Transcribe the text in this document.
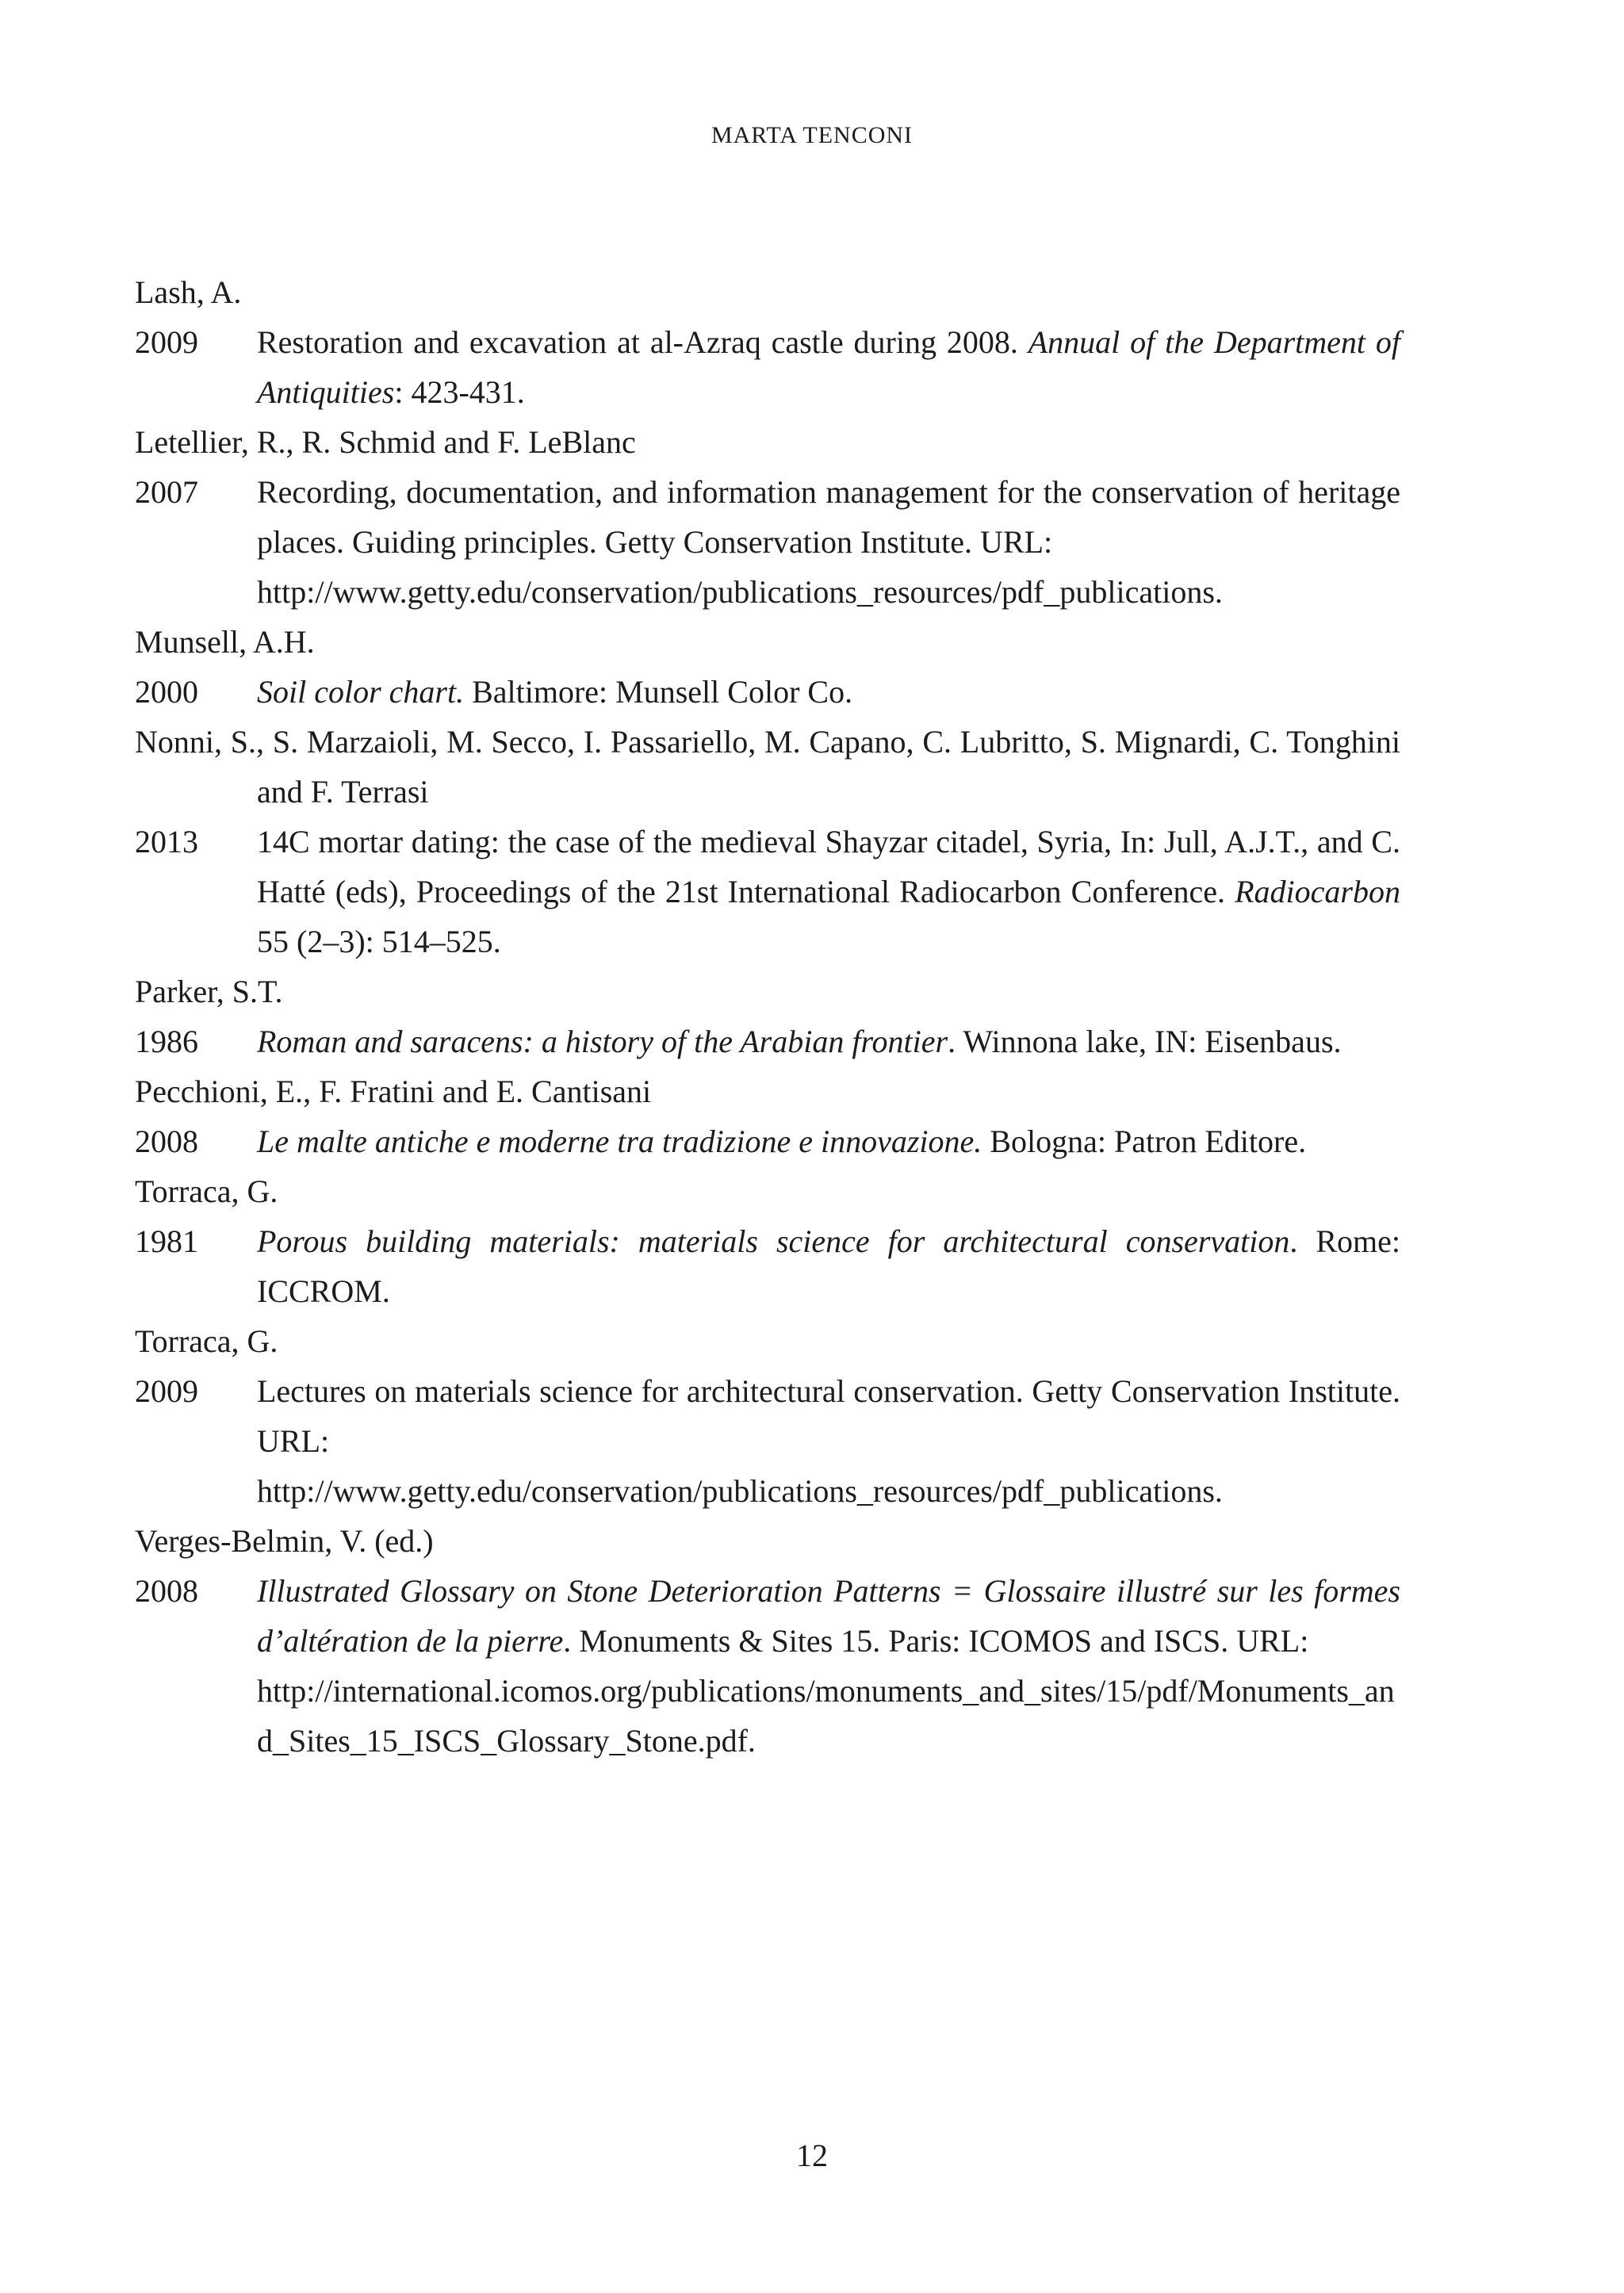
MARTA TENCONI
Lash, A.
2009 Restoration and excavation at al-Azraq castle during 2008. Annual of the Department of Antiquities: 423-431.
Letellier, R., R. Schmid and F. LeBlanc
2007 Recording, documentation, and information management for the conservation of heritage places. Guiding principles. Getty Conservation Institute. URL:
http://www.getty.edu/conservation/publications_resources/pdf_publications.
Munsell, A.H.
2000 Soil color chart. Baltimore: Munsell Color Co.
Nonni, S., S. Marzaioli, M. Secco, I. Passariello, M. Capano, C. Lubritto, S. Mignardi, C. Tonghini and F. Terrasi
2013 14C mortar dating: the case of the medieval Shayzar citadel, Syria, In: Jull, A.J.T., and C. Hatté (eds), Proceedings of the 21st International Radiocarbon Conference. Radiocarbon 55 (2–3): 514–525.
Parker, S.T.
1986 Roman and saracens: a history of the Arabian frontier. Winnona lake, IN: Eisenbaus.
Pecchioni, E., F. Fratini and E. Cantisani
2008 Le malte antiche e moderne tra tradizione e innovazione. Bologna: Patron Editore.
Torraca, G.
1981 Porous building materials: materials science for architectural conservation. Rome: ICCROM.
Torraca, G.
2009 Lectures on materials science for architectural conservation. Getty Conservation Institute. URL:
http://www.getty.edu/conservation/publications_resources/pdf_publications.
Verges-Belmin, V. (ed.)
2008 Illustrated Glossary on Stone Deterioration Patterns = Glossaire illustré sur les formes d’altération de la pierre. Monuments & Sites 15. Paris: ICOMOS and ISCS. URL:
http://international.icomos.org/publications/monuments_and_sites/15/pdf/Monuments_and_Sites_15_ISCS_Glossary_Stone.pdf.
12
